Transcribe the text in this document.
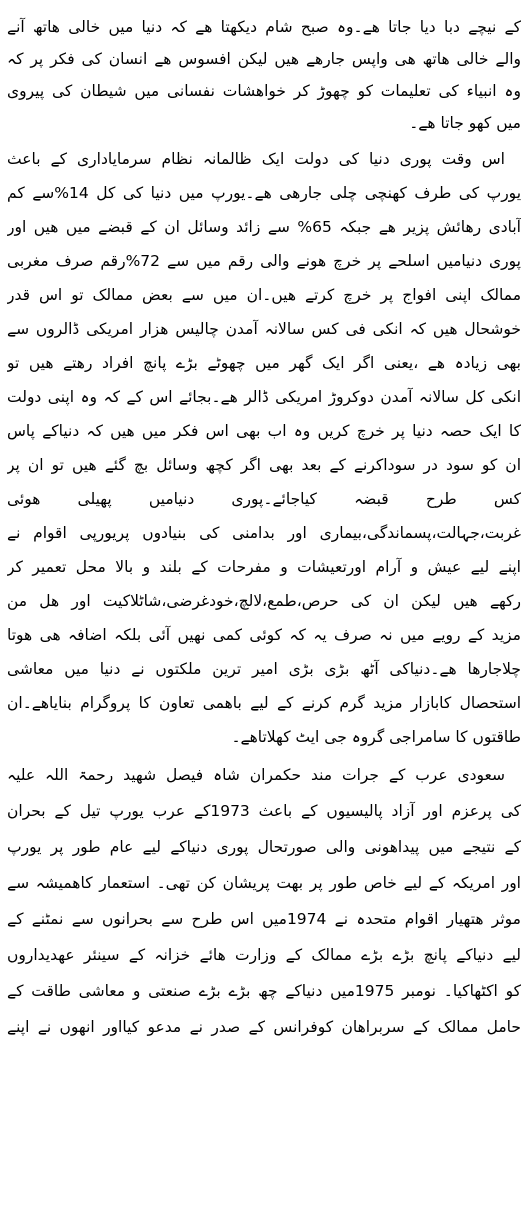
کے نیچے دبا دیا جاتا ھے۔وہ صبح شام دیکھتا ھے کہ دنیا میں خالی ھاتھ آنے
والے خالی ھاتھ ھی واپس جارھے ھیں لیکن افسوس ھے انسان کی فکر پر کہ
وہ انبیاء کی تعلیمات کو چھوڑ کر خواھشات نفسانی میں شیطان کی پیروی
میں کھو جاتا ھے۔
اس وقت پوری دنیا کی دولت ایک ظالمانہ نظام سرمایاداری کے باعث
یورپ کی طرف کھنچی چلی جارھی ھے۔یورپ میں دنیا کی کل 14%سے کم
آبادی رھائش پزیر ھے جبکہ 65% سے زائد وسائل ان کے قبضے میں ھیں اور
پوری دنیامیں اسلحے پر خرچ ھونے والی رقم میں سے 72%رقم صرف مغربی
ممالک اپنی افواج پر خرچ کرتے ھیں۔ان میں سے بعض ممالک تو اس قدر
خوشحال ھیں کہ انکی فی کس سالانہ آمدن چالیس ھزار امریکی ڈالروں سے
بھی زیادہ ھے ،یعنی اگر ایک گھر میں چھوٹے بڑے پانچ افراد رھتے ھیں تو
انکی کل سالانہ آمدن دوکروڑ امریکی ڈالر ھے۔بجائے اس کے کہ وہ اپنی دولت
کا ایک حصہ دنیا پر خرچ کریں وہ اب بھی اس فکر میں ھیں کہ دنیاکے پاس
ان کو سود در سوداکرنے کے بعد بھی اگر کچھ وسائل بچ گئے ھیں تو ان پر
کس طرح قبضہ کیاجائے۔پوری دنیامیں پھیلی ھوئی
غربت،جہالت،پسماندگی،بیماری اور بدامنی کی بنیادوں پریورپی اقوام نے
اپنے لیے عیش و آرام اورتعیشات و مفرحات کے بلند و بالا محل تعمیر کر
رکھے ھیں لیکن ان کی حرص،طمع،لالچ،خودغرضی،شاٹلاکیت اور ھل من
مزید کے رویے میں نہ صرف یہ کہ کوئی کمی نھیں آئی بلکہ اضافہ ھی ھوتا
چلاجارھا ھے۔دنیاکی آٹھ بڑی بڑی امیر ترین ملکتوں نے دنیا میں معاشی
استحصال کابازار مزید گرم کرنے کے لیے باھمی تعاون کا پروگرام بنایاھے۔ان
طاقتوں کا سامراجی گروہ جی ایٹ کھلاتاھے۔
سعودی عرب کے جرات مند حکمران شاہ فیصل شھید رحمۃ اللہ علیہ
کی پرعزم اور آزاد پالیسیوں کے باعث 1973کے عرب یورپ تیل کے بحران
کے نتیجے میں پیداھونی والی صورتحال پوری دنیاکے لیے عام طور پر یورپ
اور امریکہ کے لیے خاص طور پر بھت پریشان کن تھی۔ استعمار کاھمیشہ سے
موثر ھتھیار اقوام متحدہ نے 1974میں اس طرح سے بحرانوں سے نمٹنے کے
لیے دنیاکے پانچ بڑے بڑے ممالک کے وزارت ھائے خزانہ کے سینئر عھدیداروں
کو اکٹھاکیا۔ نومبر 1975میں دنیاکے چھ بڑے بڑے صنعتی و معاشی طاقت کے
حامل ممالک کے سربراھان کوفرانس کے صدر نے مدعو کیااور انھوں نے اپنے
